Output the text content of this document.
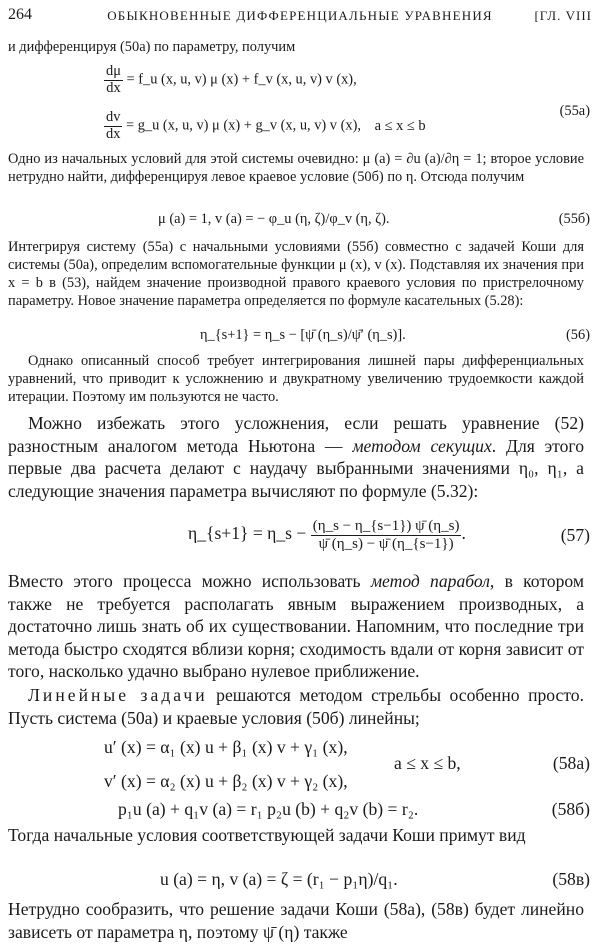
264	ОБЫКНОВЕННЫЕ ДИФФЕРЕНЦИАЛЬНЫЕ УРАВНЕНИЯ	[ГЛ. VIII

и дифференцируя (50а) по параметру, получим

$\frac{d\mu}{dx}$ = f_u (x, u, v) μ (x) + f_v (x, u, v) v (x),
$\frac{dv}{dx}$ = g_u (x, u, v) μ (x) + g_v (x, u, v) v (x), a ≤ x ≤ b
(55а)

Одно из начальных условий для этой системы очевидно: μ (a) = ∂u (a)/∂η = 1; второе условие нетрудно найти, дифференцируя левое краевое условие (50б) по η. Отсюда получим

μ (a) = 1, v (a) = − φ_u (η, ζ)/φ_v (η, ζ).	(55б)

Интегрируя систему (55а) с начальными условиями (55б) совместно с задачей Коши для системы (50а), определим вспомогательные функции μ (x), v (x). Подставляя их значения при x = b в (53), найдем значение производной правого краевого условия по пристрелочному параметру. Новое значение параметра определяется по формуле касательных (5.28):

η_{s+1} = η_s − [ψ̄ (η_s)/ψ̄′ (η_s)].	(56)

Однако описанный способ требует интегрирования лишней пары дифференциальных уравнений, что приводит к усложнению и двукратному увеличению трудоемкости каждой итерации. Поэтому им пользуются не часто.

Можно избежать этого усложнения, если решать уравнение (52) разностным аналогом метода Ньютона — методом секущих. Для этого первые два расчета делают с наудачу выбранными значениями η₀, η₁, а следующие значения параметра вычисляют по формуле (5.32):

η_{s+1} = η_s − $\frac{(\eta\_s - \eta\_\{s-1\}) \psī (\eta\_s)}{\psī (\eta\_s) - \psī (\eta\_\{s-1\})}$ .	(57)

Вместо этого процесса можно использовать метод парабол, в котором также не требуется располагать явным выражением производных, а достаточно лишь знать об их существовании. Напомним, что последние три метода быстро сходятся вблизи корня; сходимость вдали от корня зависит от того, насколько удачно выбрано нулевое приближение.

Линейные задачи решаются методом стрельбы особенно просто. Пусть система (50а) и краевые условия (50б) линейны;

u′ (x) = α₁ (x) u + β₁ (x) v + γ₁ (x),
v′ (x) = α₂ (x) u + β₂ (x) v + γ₂ (x),
a ≤ x ≤ b,	(58а)
p₁u (a) + q₁v (a) = r₁ p₂u (b) + q₂v (b) = r₂.	(58б)

Тогда начальные условия соответствующей задачи Коши примут вид

u (a) = η, v (a) = ζ = (r₁ − p₁η)/q₁.	(58в)

Нетрудно сообразить, что решение задачи Коши (58а), (58в) будет линейно зависеть от параметра η, поэтому ψ̄ (η) также
